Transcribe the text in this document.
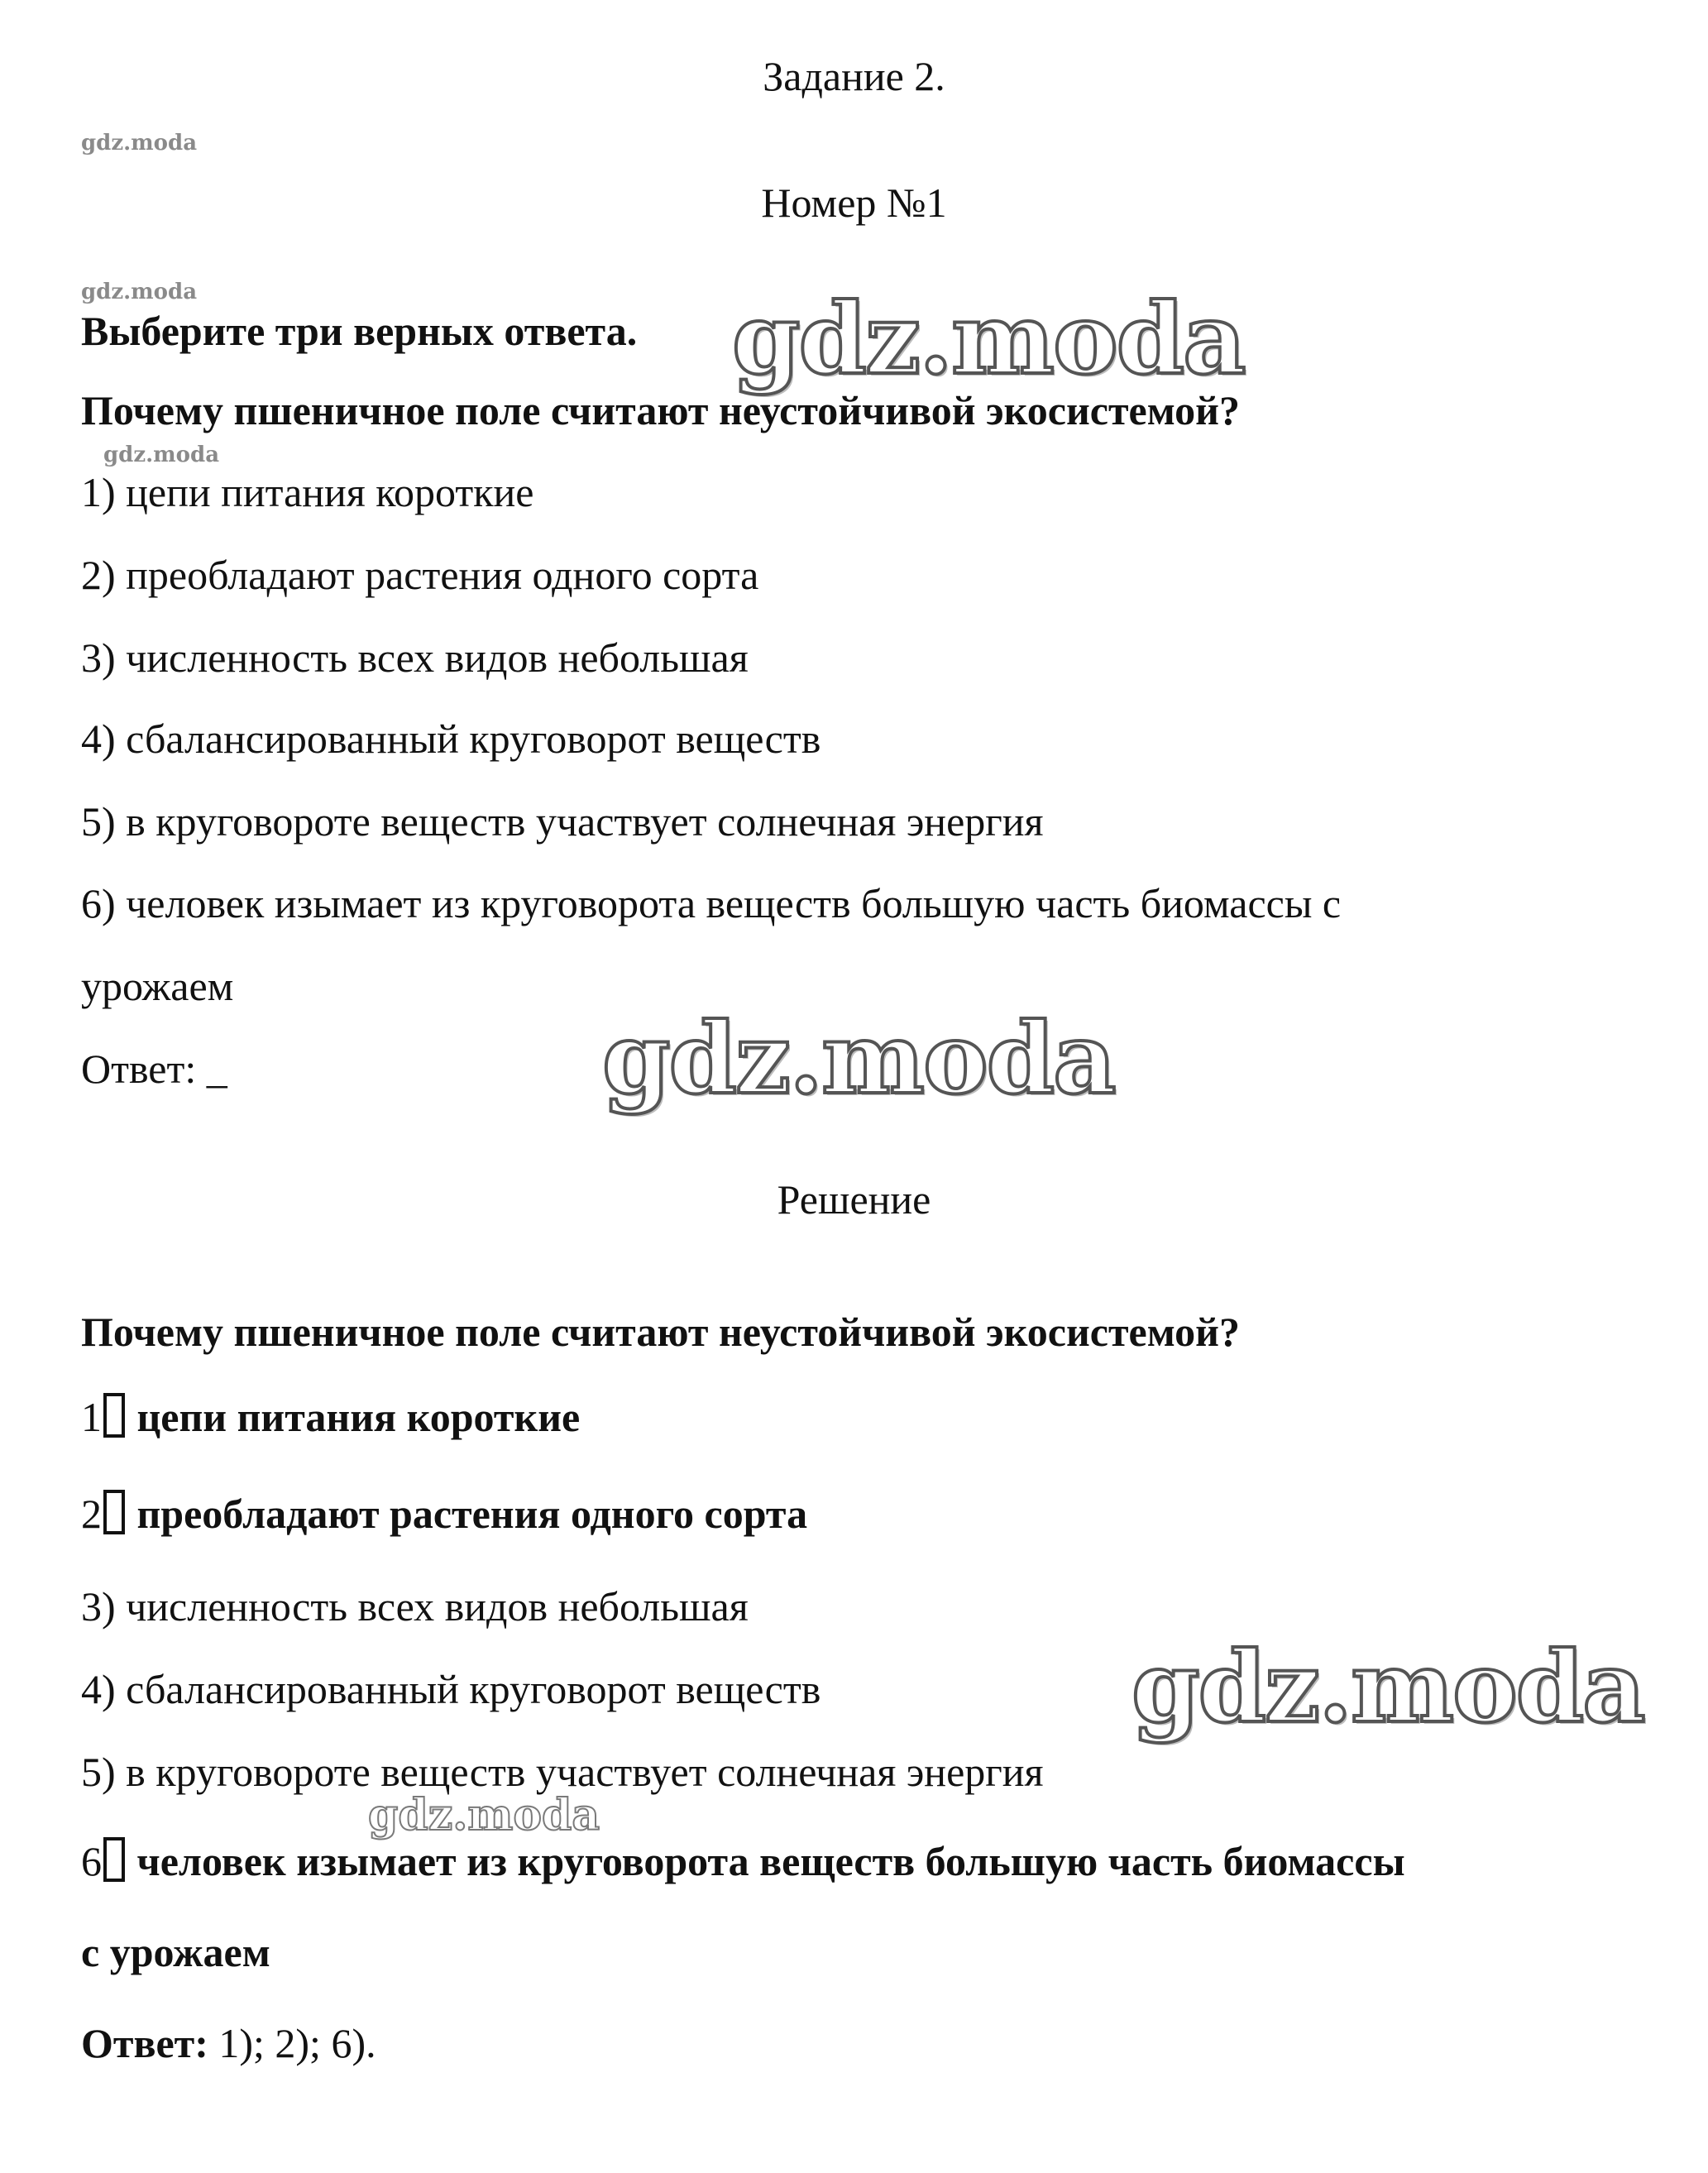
Задание 2.
Номер №1
gdz.moda
gdz.moda
gdz.moda
Выберите три верных ответа.
Почему пшеничное поле считают неустойчивой экосистемой?
1) цепи питания короткие
2) преобладают растения одного сорта
3) численность всех видов небольшая
4) сбалансированный круговорот веществ
5) в круговороте веществ участвует солнечная энергия
6) человек изымает из круговорота веществ большую часть биомассы с
урожаем
Ответ: _
gdz.moda
gdz.moda
gdz.moda
gdz.moda
Решение
Почему пшеничное поле считают неустойчивой экосистемой?
1 цепи питания короткие
2 преобладают растения одного сорта
3) численность всех видов небольшая
4) сбалансированный круговорот веществ
5) в круговороте веществ участвует солнечная энергия
6 человек изымает из круговорота веществ большую часть биомассы
с урожаем
Ответ: 1); 2); 6).
